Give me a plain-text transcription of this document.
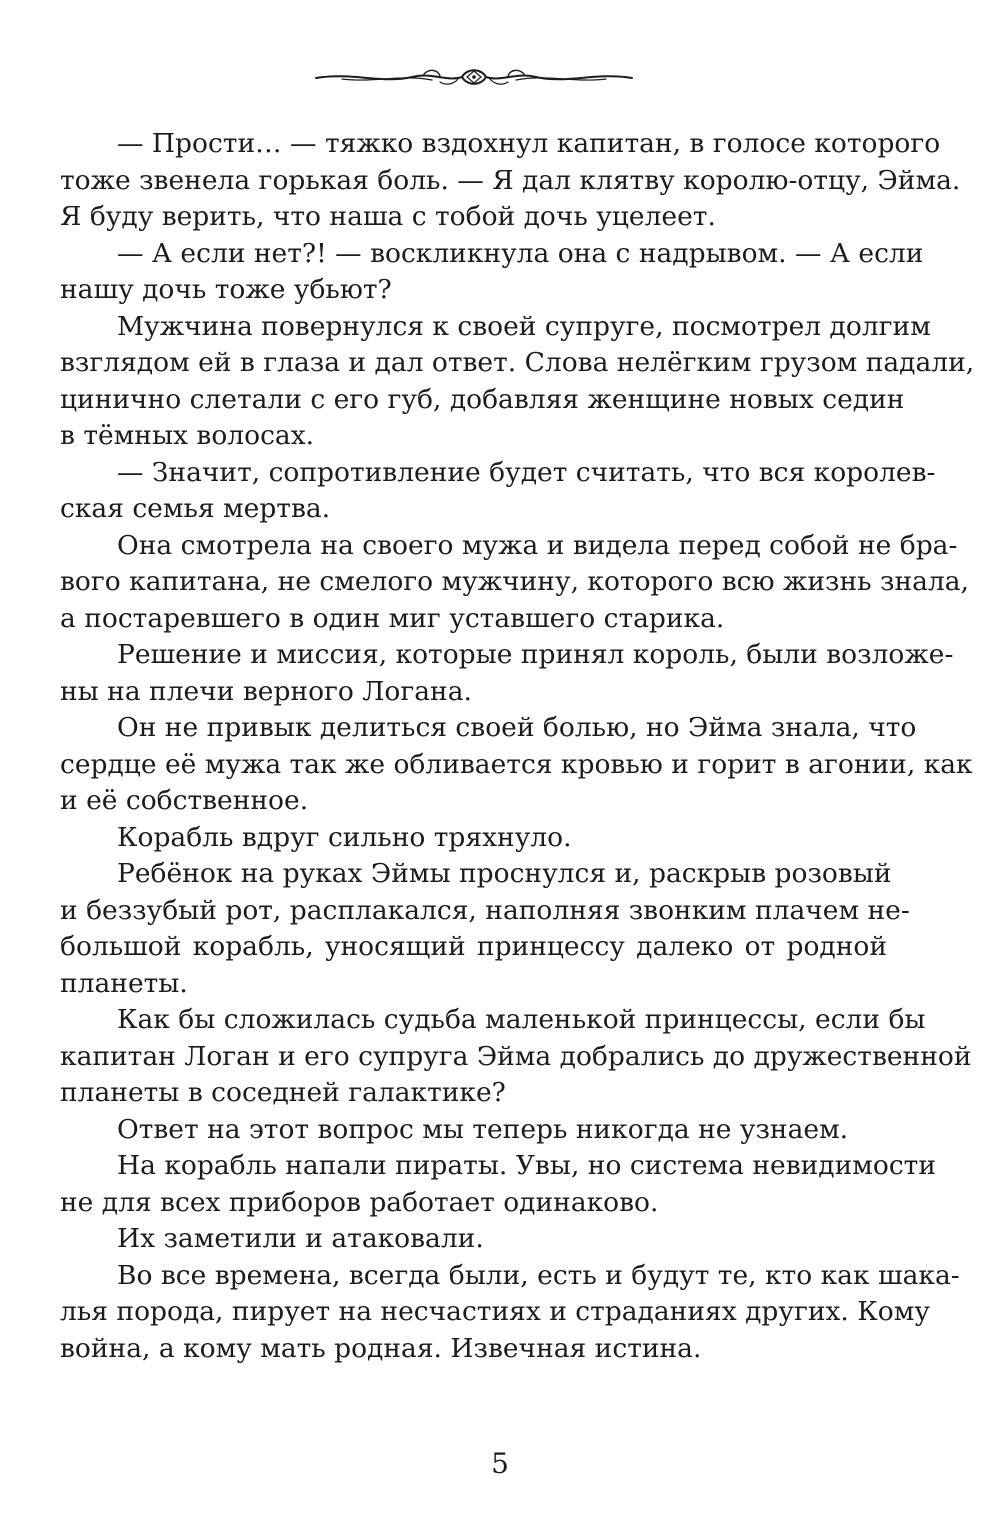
— Прости… — тяжко вздохнул капитан, в голосе которого
тоже звенела горькая боль. — Я дал клятву королю-отцу, Эйма.
Я буду верить, что наша с тобой дочь уцелеет.
— А если нет?! — воскликнула она с надрывом. — А если
нашу дочь тоже убьют?
Мужчина повернулся к своей супруге, посмотрел долгим
взглядом ей в глаза и дал ответ. Слова нелёгким грузом падали,
цинично слетали с его губ, добавляя женщине новых седин
в тёмных волосах.
— Значит, сопротивление будет считать, что вся королев-
ская семья мертва.
Она смотрела на своего мужа и видела перед собой не бра-
вого капитана, не смелого мужчину, которого всю жизнь знала,
а постаревшего в один миг уставшего старика.
Решение и миссия, которые принял король, были возложе-
ны на плечи верного Логана.
Он не привык делиться своей болью, но Эйма знала, что
сердце её мужа так же обливается кровью и горит в агонии, как
и её собственное.
Корабль вдруг сильно тряхнуло.
Ребёнок на руках Эймы проснулся и, раскрыв розовый
и беззубый рот, расплакался, наполняя звонким плачем не-
большой корабль, уносящий принцессу далеко от родной
планеты.
Как бы сложилась судьба маленькой принцессы, если бы
капитан Логан и его супруга Эйма добрались до дружественной
планеты в соседней галактике?
Ответ на этот вопрос мы теперь никогда не узнаем.
На корабль напали пираты. Увы, но система невидимости
не для всех приборов работает одинаково.
Их заметили и атаковали.
Во все времена, всегда были, есть и будут те, кто как шака-
лья порода, пирует на несчастиях и страданиях других. Кому
война, а кому мать родная. Извечная истина.
5
